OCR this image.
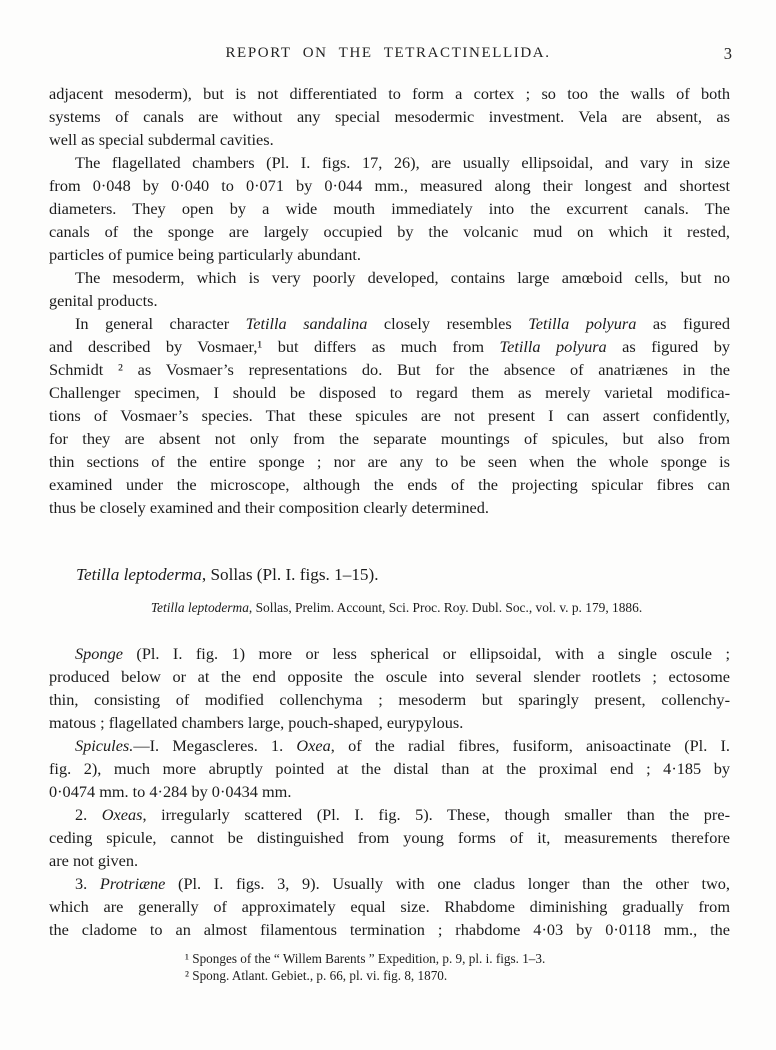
REPORT ON THE TETRACTINELLIDA.	3
adjacent mesoderm), but is not differentiated to form a cortex ; so too the walls of both
systems of canals are without any special mesodermic investment. Vela are absent, as
well as special subdermal cavities.
The flagellated chambers (Pl. I. figs. 17, 26), are usually ellipsoidal, and vary in size
from 0·048 by 0·040 to 0·071 by 0·044 mm., measured along their longest and shortest
diameters. They open by a wide mouth immediately into the excurrent canals. The
canals of the sponge are largely occupied by the volcanic mud on which it rested,
particles of pumice being particularly abundant.
The mesoderm, which is very poorly developed, contains large amœboid cells, but no
genital products.
In general character Tetilla sandalina closely resembles Tetilla polyura as figured
and described by Vosmaer,¹ but differs as much from Tetilla polyura as figured by
Schmidt ² as Vosmaer’s representations do. But for the absence of anatriænes in the
Challenger specimen, I should be disposed to regard them as merely varietal modifica-
tions of Vosmaer’s species. That these spicules are not present I can assert confidently,
for they are absent not only from the separate mountings of spicules, but also from
thin sections of the entire sponge ; nor are any to be seen when the whole sponge is
examined under the microscope, although the ends of the projecting spicular fibres can
thus be closely examined and their composition clearly determined.
Tetilla leptoderma, Sollas (Pl. I. figs. 1–15).
Tetilla leptoderma, Sollas, Prelim. Account, Sci. Proc. Roy. Dubl. Soc., vol. v. p. 179, 1886.
Sponge (Pl. I. fig. 1) more or less spherical or ellipsoidal, with a single oscule ;
produced below or at the end opposite the oscule into several slender rootlets ; ectosome
thin, consisting of modified collenchyma ; mesoderm but sparingly present, collenchy-
matous ; flagellated chambers large, pouch-shaped, eurypylous.
Spicules.—I. Megascleres. 1. Oxea, of the radial fibres, fusiform, anisoactinate (Pl. I.
fig. 2), much more abruptly pointed at the distal than at the proximal end ; 4·185 by
0·0474 mm. to 4·284 by 0·0434 mm.
2. Oxeas, irregularly scattered (Pl. I. fig. 5). These, though smaller than the pre-
ceding spicule, cannot be distinguished from young forms of it, measurements therefore
are not given.
3. Protriæne (Pl. I. figs. 3, 9). Usually with one cladus longer than the other two,
which are generally of approximately equal size. Rhabdome diminishing gradually from
the cladome to an almost filamentous termination ; rhabdome 4·03 by 0·0118 mm., the
¹ Sponges of the “ Willem Barents ” Expedition, p. 9, pl. i. figs. 1–3.
² Spong. Atlant. Gebiet., p. 66, pl. vi. fig. 8, 1870.
